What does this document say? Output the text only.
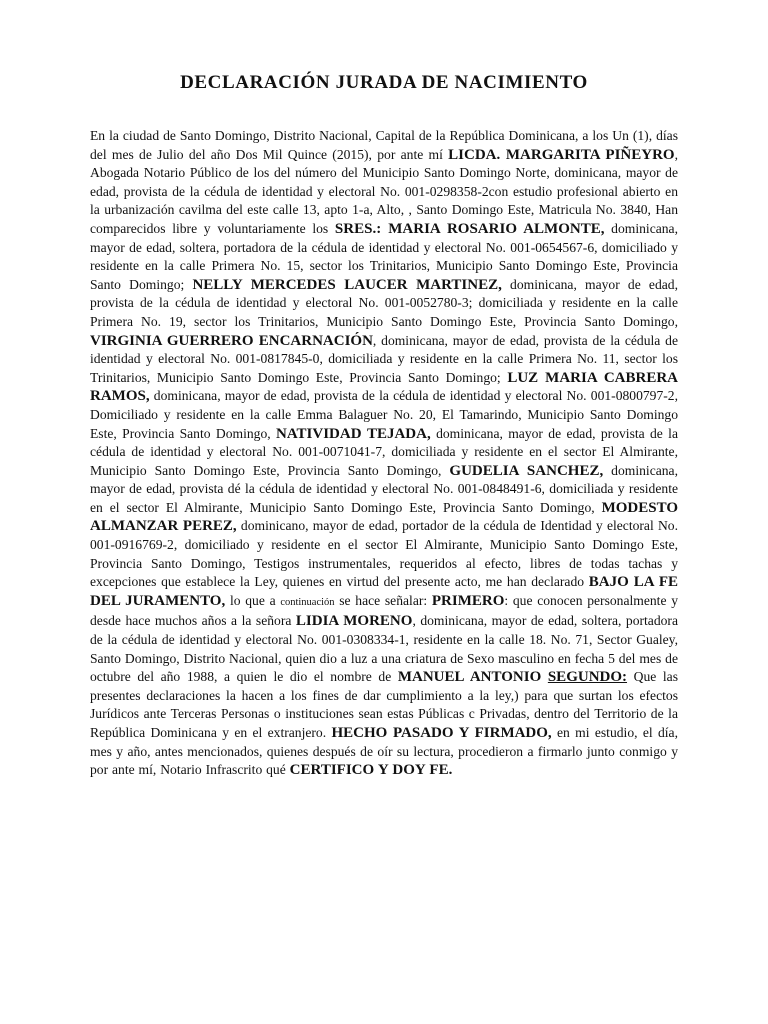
DECLARACIÓN JURADA DE NACIMIENTO

En la ciudad de Santo Domingo, Distrito Nacional, Capital de la República Dominicana, a los Un (1), días del mes de Julio del año Dos Mil Quince (2015), por ante mí LICDA. MARGARITA PIÑEYRO, Abogada Notario Público de los del número del Municipio Santo Domingo Norte, dominicana, mayor de edad, provista de la cédula de identidad y electoral No. 001-0298358-2con estudio profesional abierto en la urbanización cavilma del este calle 13, apto 1-a, Alto, , Santo Domingo Este, Matricula No. 3840, Han comparecidos libre y voluntariamente los SRES.: MARIA ROSARIO ALMONTE, dominicana, mayor de edad, soltera, portadora de la cédula de identidad y electoral No. 001-0654567-6, domiciliado y residente en la calle Primera No. 15, sector los Trinitarios, Municipio Santo Domingo Este, Provincia Santo Domingo; NELLY MERCEDES LAUCER MARTINEZ, dominicana, mayor de edad, provista de la cédula de identidad y electoral No. 001-0052780-3; domiciliada y residente en la calle Primera No. 19, sector los Trinitarios, Municipio Santo Domingo Este, Provincia Santo Domingo, VIRGINIA GUERRERO ENCARNACIÓN, dominicana, mayor de edad, provista de la cédula de identidad y electoral No. 001-0817845-0, domiciliada y residente en la calle Primera No. 11, sector los Trinitarios, Municipio Santo Domingo Este, Provincia Santo Domingo; LUZ MARIA CABRERA RAMOS, dominicana, mayor de edad, provista de la cédula de identidad y electoral No. 001-0800797-2, Domiciliado y residente en la calle Emma Balaguer No. 20, El Tamarindo, Municipio Santo Domingo Este, Provincia Santo Domingo, NATIVIDAD TEJADA, dominicana, mayor de edad, provista de la cédula de identidad y electoral No. 001-0071041-7, domiciliada y residente en el sector El Almirante, Municipio Santo Domingo Este, Provincia Santo Domingo, GUDELIA SANCHEZ, dominicana, mayor de edad, provista dé la cédula de identidad y electoral No. 001-0848491-6, domiciliada y residente en el sector El Almirante, Municipio Santo Domingo Este, Provincia Santo Domingo, MODESTO ALMANZAR PEREZ, dominicano, mayor de edad, portador de la cédula de Identidad y electoral No. 001-0916769-2, domiciliado y residente en el sector El Almirante, Municipio Santo Domingo Este, Provincia Santo Domingo, Testigos instrumentales, requeridos al efecto, libres de todas tachas y excepciones que establece la Ley, quienes en virtud del presente acto, me han declarado BAJO LA FE DEL JURAMENTO, lo que a continuación se hace señalar: PRIMERO: que conocen personalmente y desde hace muchos años a la señora LIDIA MORENO, dominicana, mayor de edad, soltera, portadora de la cédula de identidad y electoral No. 001-0308334-1, residente en la calle 18. No. 71, Sector Gualey, Santo Domingo, Distrito Nacional, quien dio a luz a una criatura de Sexo masculino en fecha 5 del mes de octubre del año 1988, a quien le dio el nombre de MANUEL ANTONIO SEGUNDO: Que las presentes declaraciones la hacen a los fines de dar cumplimiento a la ley,) para que surtan los efectos Jurídicos ante Terceras Personas o instituciones sean estas Públicas c Privadas, dentro del Territorio de la República Dominicana y en el extranjero. HECHO PASADO Y FIRMADO, en mi estudio, el día, mes y año, antes mencionados, quienes después de oír su lectura, procedieron a firmarlo junto conmigo y por ante mí, Notario Infrascrito qué CERTIFICO Y DOY FE.
